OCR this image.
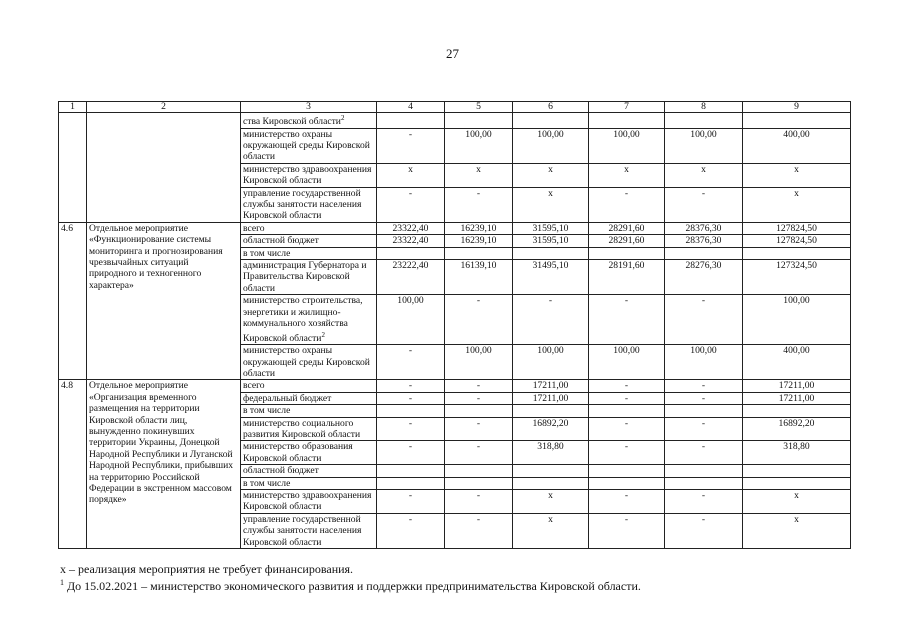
27
1	2	3	4	5	6	7	8	9
		ства Кировской области$^2$						
		министерство охраны окружающей среды Кировской области	-	100,00	100,00	100,00	100,00	400,00
		министерство здравоохранения Кировской области	x	x	x	x	x	x
		управление государственной службы занятости населения Кировской области	-	-	x	-	-	x
4.6	Отдельное мероприятие «Функционирование системы мониторинга и прогнозирования чрезвычайных ситуаций природного и техногенного характера»	всего	23322,40	16239,10	31595,10	28291,60	28376,30	127824,50
		областной бюджет	23322,40	16239,10	31595,10	28291,60	28376,30	127824,50
		в том числе						
		администрация Губернатора и Правительства Кировской области	23222,40	16139,10	31495,10	28191,60	28276,30	127324,50
		министерство строительства, энергетики и жилищно-коммунального хозяйства Кировской области$^2$	100,00	-	-	-	-	100,00
		министерство охраны окружающей среды Кировской области	-	100,00	100,00	100,00	100,00	400,00
4.8	Отдельное мероприятие «Организация временного размещения на территории Кировской области лиц, вынужденно покинувших территории Украины, Донецкой Народной Республики и Луганской Народной Республики, прибывших на территорию Российской Федерации в экстренном массовом порядке»	всего	-	-	17211,00	-	-	17211,00
		федеральный бюджет	-	-	17211,00	-	-	17211,00
		в том числе						
		министерство социального развития Кировской области	-	-	16892,20	-	-	16892,20
		министерство образования Кировской области	-	-	318,80	-	-	318,80
		областной бюджет						
		в том числе						
		министерство здравоохранения Кировской области	-	-	x	-	-	x
		управление государственной службы занятости населения Кировской области	-	-	x	-	-	x
x – реализация мероприятия не требует финансирования.
$^1$ До 15.02.2021 – министерство экономического развития и поддержки предпринимательства Кировской области.
